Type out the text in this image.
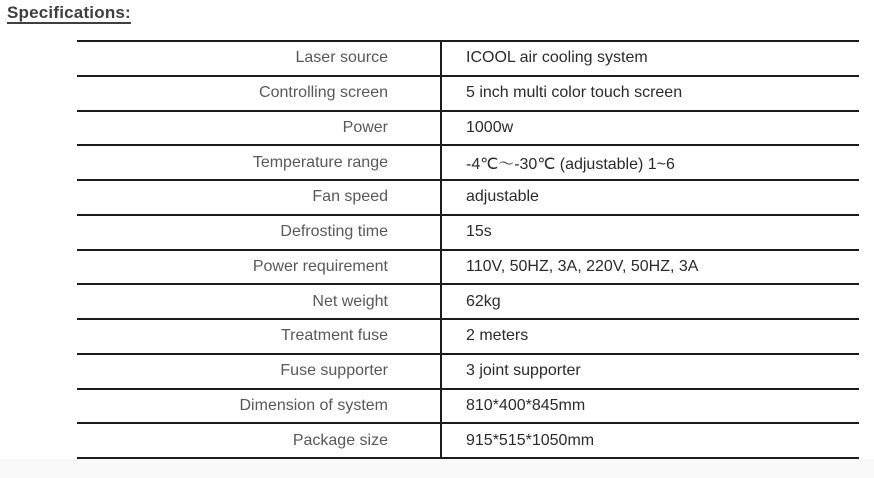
Specifications:
Laser source	ICOOL air cooling system
Controlling screen	5 inch multi color touch screen
Power	1000w
Temperature range	-4℃～-30℃ (adjustable) 1~6
Fan speed	adjustable
Defrosting time	15s
Power requirement	110V, 50HZ, 3A, 220V, 50HZ, 3A
Net weight	62kg
Treatment fuse	2 meters
Fuse supporter	3 joint supporter
Dimension of system	810*400*845mm
Package size	915*515*1050mm
